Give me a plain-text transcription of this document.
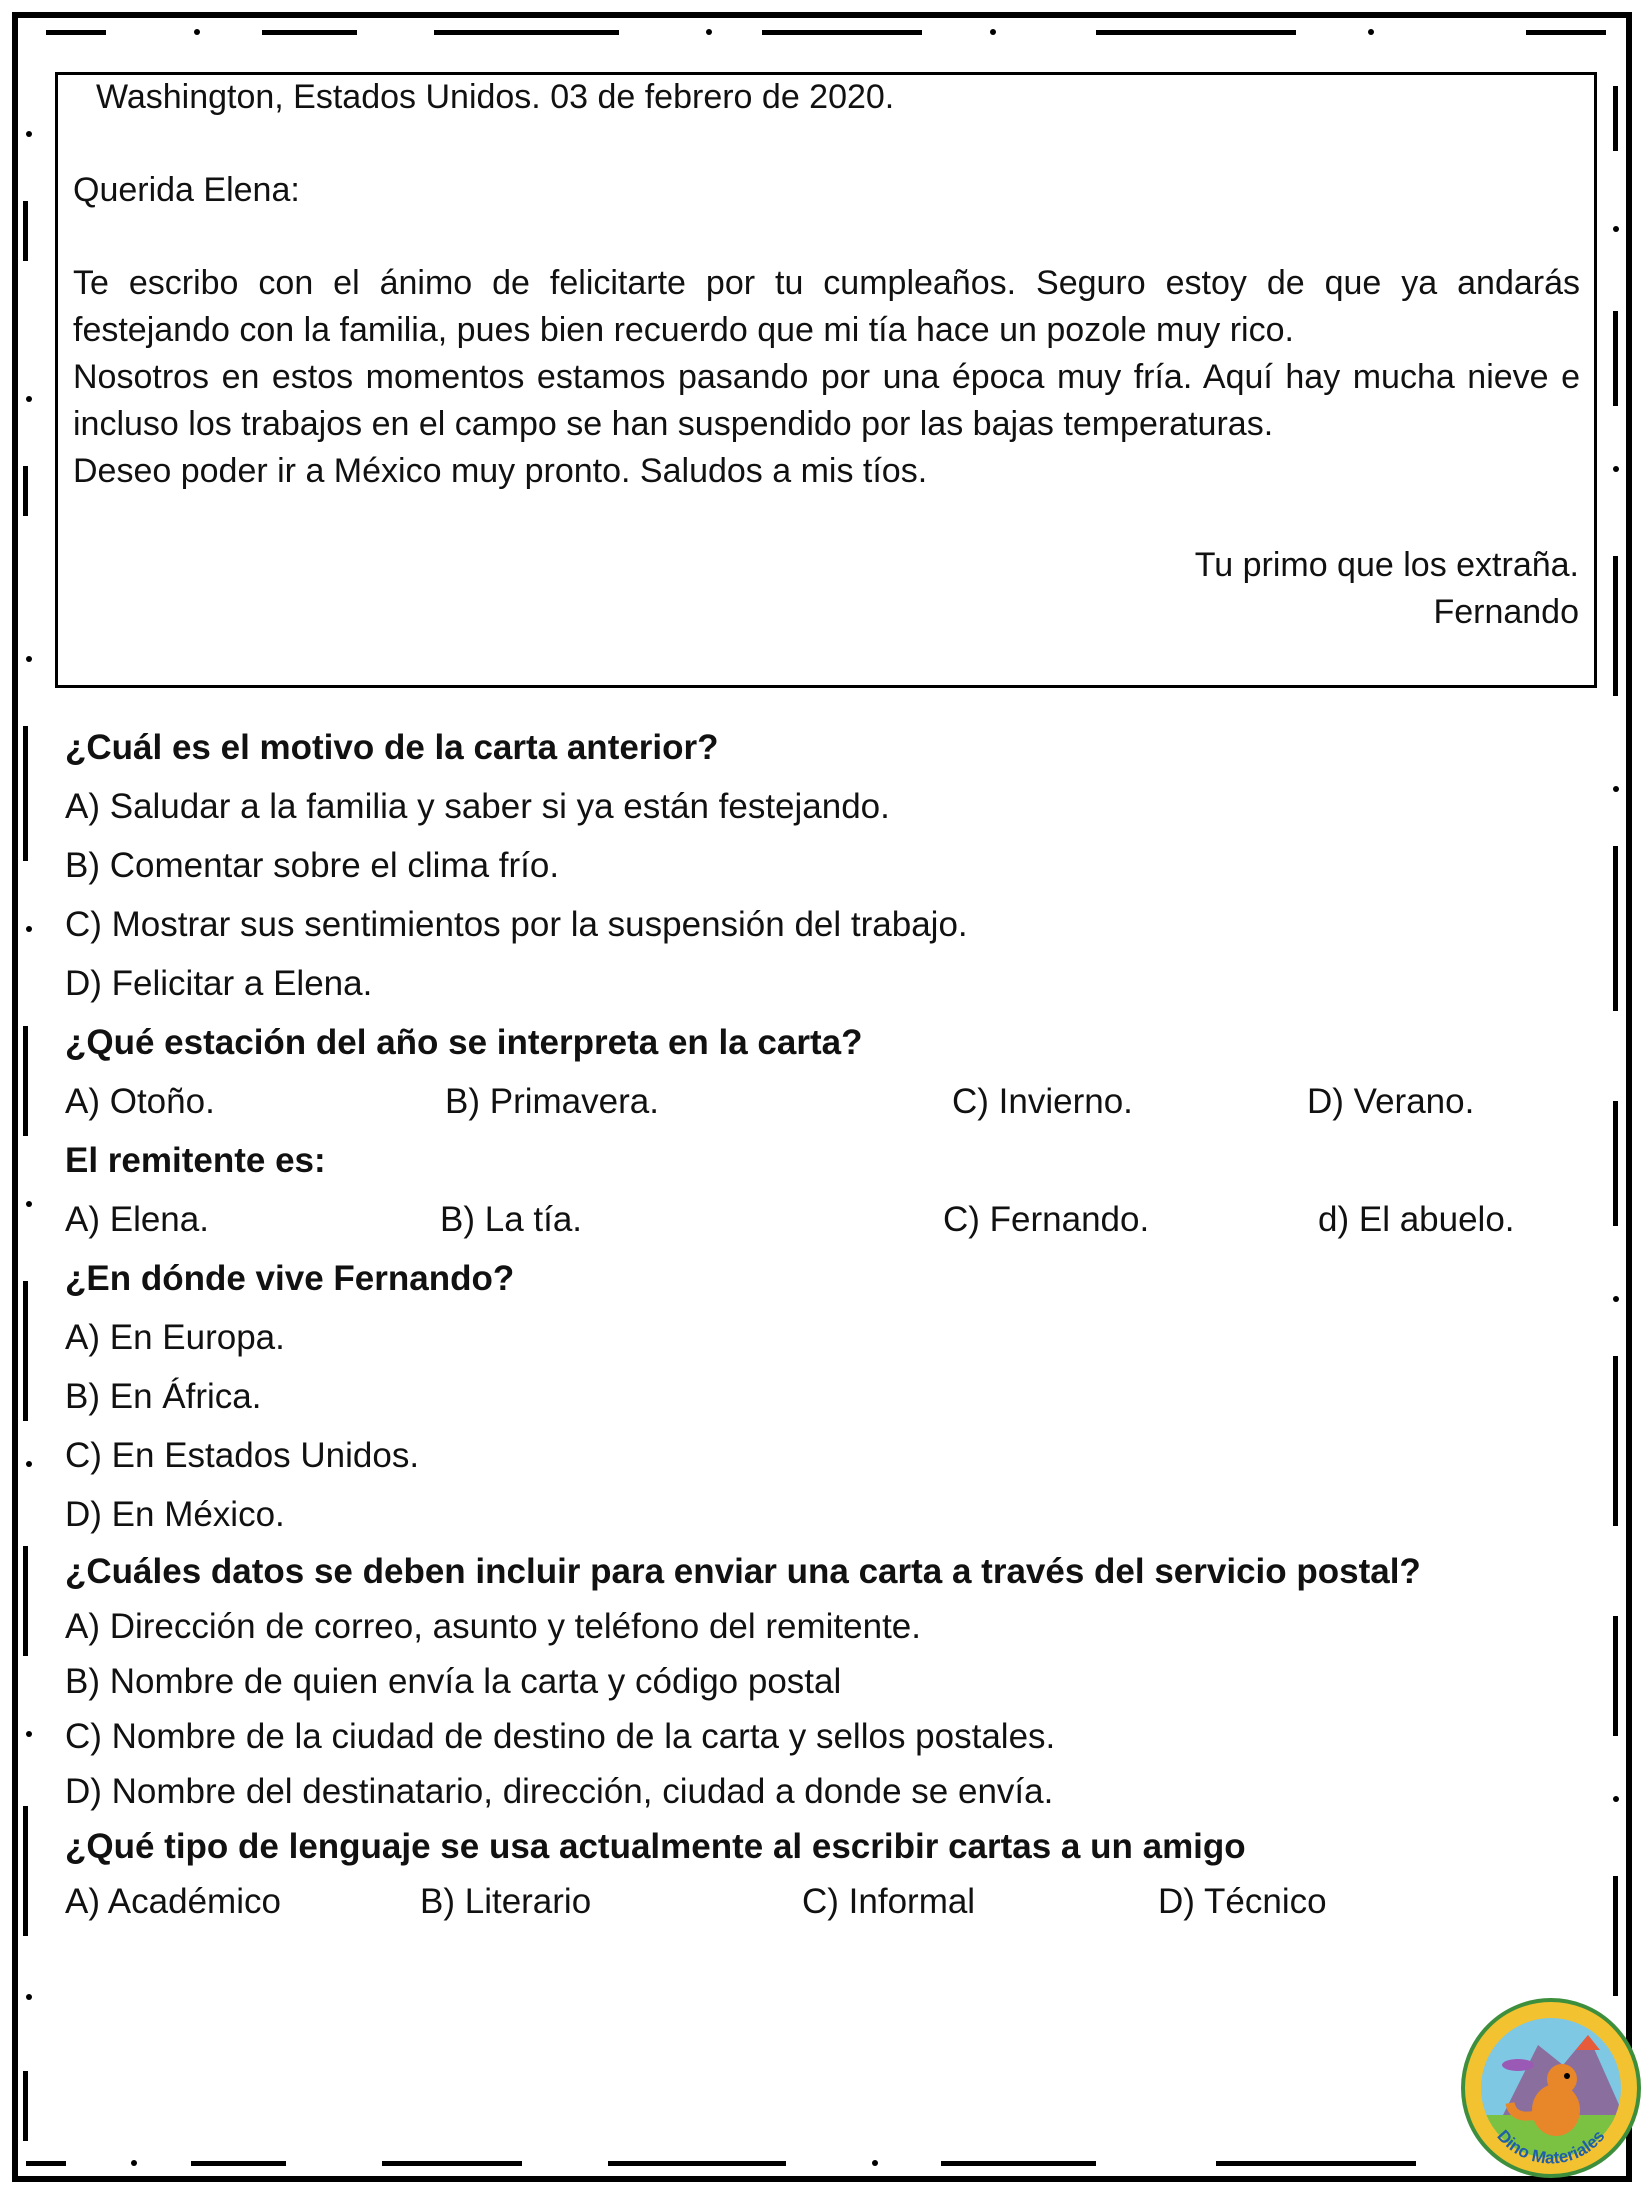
Washington, Estados Unidos. 03 de febrero de 2020.
Querida Elena:

Te escribo con el ánimo de felicitarte por tu cumpleaños. Seguro estoy de que ya andarás festejando con la familia, pues bien recuerdo que mi tía hace un pozole muy rico.

Nosotros en estos momentos estamos pasando por una época muy fría. Aquí hay mucha nieve e incluso los trabajos en el campo se han suspendido por las bajas temperaturas.

Deseo poder ir a México muy pronto. Saludos a mis tíos.

Tu primo que los extraña.
Fernando
¿Cuál es el motivo de la carta anterior?
A) Saludar a la familia y saber si ya están festejando.
B) Comentar sobre el clima frío.
C) Mostrar sus sentimientos por la suspensión del trabajo.
D) Felicitar a Elena.
¿Qué estación del año se interpreta en la carta?
A) Otoño.	B) Primavera.	C) Invierno.	D) Verano.
El remitente es:
A) Elena.	B) La tía.	C) Fernando.	d) El abuelo.
¿En dónde vive Fernando?
A) En Europa.
B) En África.
C) En Estados Unidos.
D) En México.
¿Cuáles datos se deben incluir para enviar una carta a través del servicio postal?
A) Dirección de correo, asunto y teléfono del remitente.
B) Nombre de quien envía la carta y código postal
C) Nombre de la ciudad de destino de la carta y sellos postales.
D) Nombre del destinatario, dirección, ciudad a donde se envía.
¿Qué tipo de lenguaje se usa actualmente al escribir cartas a un amigo
A) Académico	B) Literario	C) Informal	D) Técnico
Dino Materiales
